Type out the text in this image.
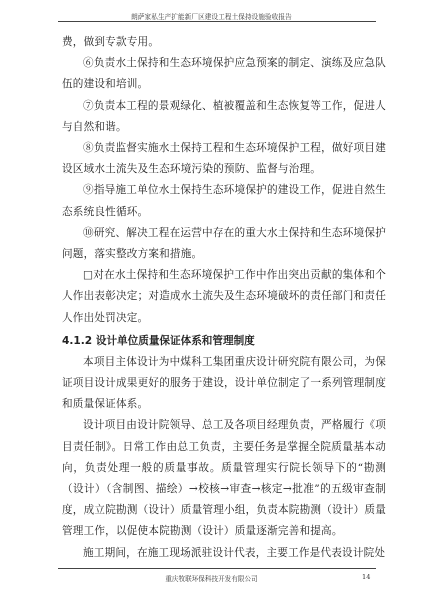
朗萨家私生产扩能新厂区建设工程土保持设施验收报告

费，做到专款专用。

⑥负责水土保持和生态环境保护应急预案的制定、演练及应急队伍的建设和培训。

⑦负责本工程的景观绿化、植被覆盖和生态恢复等工作，促进人与自然和谐。

⑧负责监督实施水土保持工程和生态环境保护工程，做好项目建设区域水土流失及生态环境污染的预防、监督与治理。

⑨指导施工单位水土保持生态环境保护的建设工作，促进自然生态系统良性循环。

⑩研究、解决工程在运营中存在的重大水土保持和生态环境保护问题，落实整改方案和措施。

□对在水土保持和生态环境保护工作中作出突出贡献的集体和个人作出表彰决定；对造成水土流失及生态环境破坏的责任部门和责任人作出处罚决定。

4.1.2 设计单位质量保证体系和管理制度

本项目主体设计为中煤科工集团重庆设计研究院有限公司，为保证项目设计成果更好的服务于建设，设计单位制定了一系列管理制度和质量保证体系。

设计项目由设计院领导、总工及各项目经理负责，严格履行《项目责任制》。日常工作由总工负责，主要任务是掌握全院质量基本动向，负责处理一般的质量事故。质量管理实行院长领导下的“勘测（设计）（含制图、描绘）→校核→审查→核定→批准”的五级审查制度，成立院勘测（设计）质量管理小组，负责本院勘测（设计）质量管理工作，以促使本院勘测（设计）质量逐渐完善和提高。

施工期间，在施工现场派驻设计代表，主要工作是代表设计院处

重庆牧联环保科技开发有限公司	14
